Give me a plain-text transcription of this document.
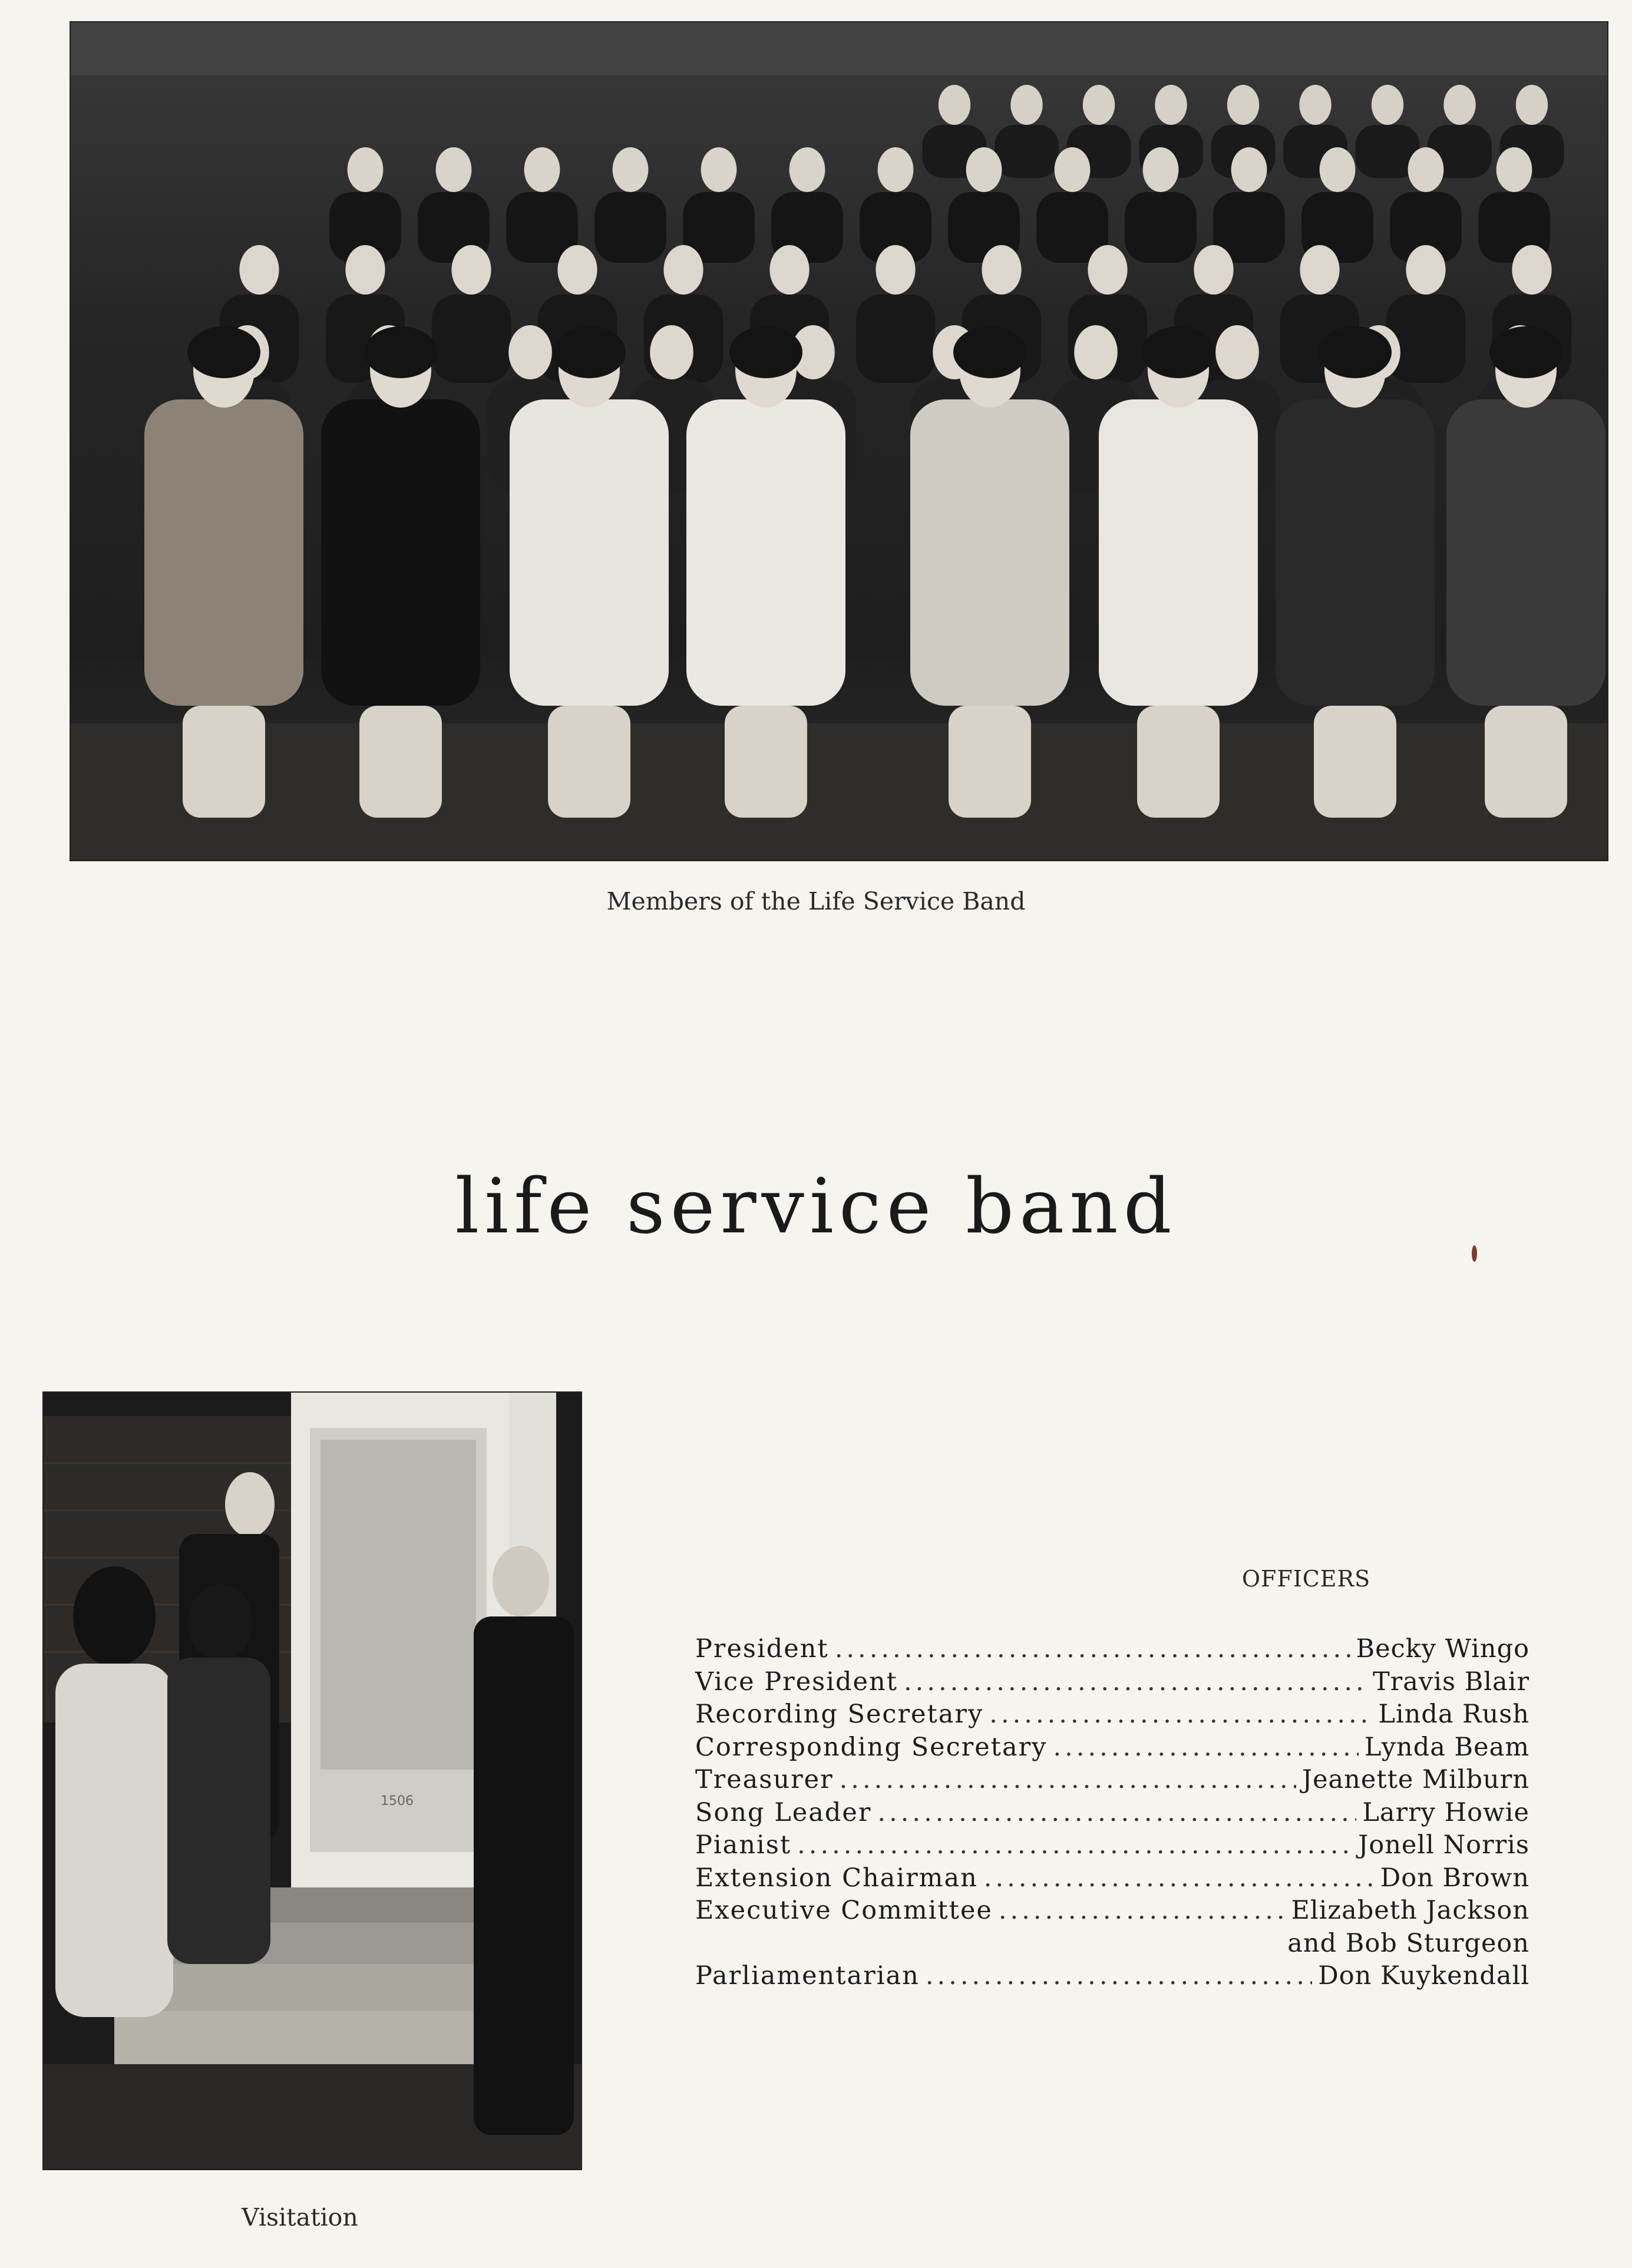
Members of the Life Service Band
life service band
1506
Visitation
OFFICERS
President .....	Becky Wingo
Vice President .....	Travis Blair
Recording Secretary .....	Linda Rush
Corresponding Secretary .....	Lynda Beam
Treasurer .....	Jeanette Milburn
Song Leader .....	Larry Howie
Pianist .....	Jonell Norris
Extension Chairman .....	Don Brown
Executive Committee .....	Elizabeth Jackson
and Bob Sturgeon
Parliamentarian .....	Don Kuykendall
